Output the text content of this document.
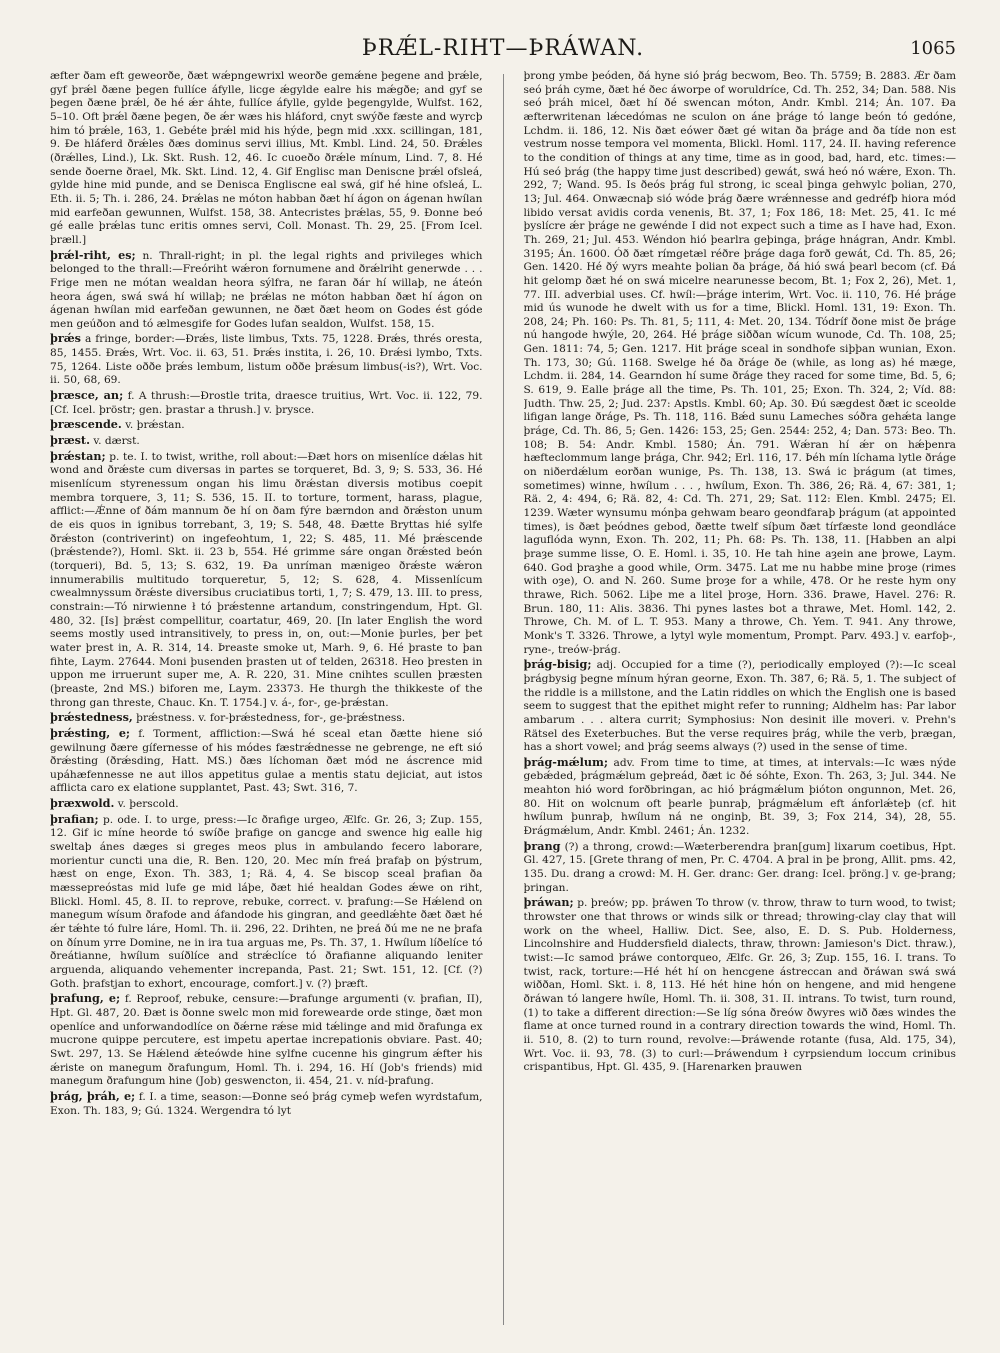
ÞRǼL-RIHT—ÞRÁWAN.	1065

æfter ðam eft geweorðe, ðæt wǽpngewrixl weorðe gemǽne þegene and þrǽle, gyf þrǽl ðæne þegen fullíce áfylle, licge ǽgylde ealre his mǽgðe; and gyf se þegen ðæne þrǽl, ðe hé ǽr áhte, fullíce áfylle, gylde þegengylde, Wulfst. 162, 5–10. Oft þrǽl ðæne þegen, ðe ǽr wæs his hláford, cnyt swýðe fæste and wyrcþ him tó þrǽle, 163, 1. Gebéte þrǽl mid his hýde, þegn mid .xxx. scillingan, 181, 9. Ðe hláferd ðrǽles ðæs dominus servi illius, Mt. Kmbl. Lind. 24, 50. Ðrǽles (ðrǽlles, Lind.), Lk. Skt. Rush. 12, 46. Ic cuoeðo ðrǽle mínum, Lind. 7, 8. Hé sende ðoerne ðrael, Mk. Skt. Lind. 12, 4. Gif Englisc man Deniscne þrǽl ofsleá, gylde hine mid punde, and se Denisca Engliscne eal swá, gif hé hine ofsleá, L. Eth. ii. 5; Th. i. 286, 24. Þrǽlas ne móton habban ðæt hí ágon on ágenan hwílan mid earfeðan gewunnen, Wulfst. 158, 38. Antecristes þrǽlas, 55, 9. Ðonne beó gé ealle þrǽlas tunc eritis omnes servi, Coll. Monast. Th. 29, 25. [From Icel. þræll.]

þrǽl-riht, es; n. Thrall-right; in pl. the legal rights and privileges which belonged to the thrall:—Freóriht wǽron fornumene and ðrǽlriht generwde . . . Frige men ne mótan wealdan heora sýlfra, ne faran ðár hí willaþ, ne áteón heora ágen, swá swá hí willaþ; ne þrǽlas ne móton habban ðæt hí ágon on ágenan hwílan mid earfeðan gewunnen, ne ðæt ðæt heom on Godes ést góde men geúðon and tó ælmesgife for Godes lufan sealdon, Wulfst. 158, 15.

þrǽs a fringe, border:—Ðrǽs, liste limbus, Txts. 75, 1228. Ðrǽs, thrés oresta, 85, 1455. Ðrǽs, Wrt. Voc. ii. 63, 51. Þrǽs instita, i. 26, 10. Ðrǽsi lymbo, Txts. 75, 1264. Liste oððe þrǽs lembum, listum oððe þrǽsum limbus(-is?), Wrt. Voc. ii. 50, 68, 69.

þræsce, an; f. A thrush:—Ðrostle trita, draesce truitius, Wrt. Voc. ii. 122, 79. [Cf. Icel. þröstr; gen. þrastar a thrush.] v. þrysce.

þræscende. v. þrǽstan.

þræst. v. dærst.

þrǽstan; p. te. I. to twist, writhe, roll about:—Ðæt hors on misenlíce dǽlas hit wond and ðrǽste cum diversas in partes se torqueret, Bd. 3, 9; S. 533, 36. Hé misenlícum styrenessum ongan his limu ðrǽstan diversis motibus coepit membra torquere, 3, 11; S. 536, 15. II. to torture, torment, harass, plague, afflict:—Ǽnne of ðám mannum ðe hí on ðam fýre bærndon and ðrǽston unum de eis quos in ignibus torrebant, 3, 19; S. 548, 48. Ðætte Bryttas hié sylfe ðrǽston (contriverint) on ingefeohtum, 1, 22; S. 485, 11. Mé þrǽscende (þrǽstende?), Homl. Skt. ii. 23 b, 554. Hé grimme sáre ongan ðrǽsted beón (torqueri), Bd. 5, 13; S. 632, 19. Ða unríman mænigeo ðrǽste wǽron innumerabilis multitudo torqueretur, 5, 12; S. 628, 4. Missenlícum cwealmnyssum ðrǽste diversibus cruciatibus torti, 1, 7; S. 479, 13. III. to press, constrain:—Tó nirwienne ł tó þrǽstenne artandum, constringendum, Hpt. Gl. 480, 32. [Is] þrǽst compellitur, coartatur, 469, 20. [In later English the word seems mostly used intransitively, to press in, on, out:—Monie þurles, þer þet water þrest in, A. R. 314, 14. Þreaste smoke ut, Marh. 9, 6. Hé þraste to þan fihte, Laym. 27644. Moni þusenden þrasten ut of telden, 26318. Heo þresten in uppon me irruerunt super me, A. R. 220, 31. Mine cnihtes scullen þræsten (þreaste, 2nd MS.) biforen me, Laym. 23373. He thurgh the thikkeste of the throng gan threste, Chauc. Kn. T. 1754.] v. á-, for-, ge-þrǽstan.

þrǽstedness, þrǽstness. v. for-þrǽstedness, for-, ge-þrǽstness.

þrǽsting, e; f. Torment, affliction:—Swá hé sceal etan ðætte hiene sió gewilnung ðære gífernesse of his módes fæstrǽdnesse ne gebrenge, ne eft sió ðrǽsting (ðrǽsding, Hatt. MS.) ðæs líchoman ðæt mód ne áscrence mid upáhæfennesse ne aut illos appetitus gulae a mentis statu dejiciat, aut istos afflicta caro ex elatione supplantet, Past. 43; Swt. 316, 7.

þræxwold. v. þerscold.

þrafian; p. ode. I. to urge, press:—Ic ðrafige urgeo, Ælfc. Gr. 26, 3; Zup. 155, 12. Gif ic míne heorde tó swíðe þrafige on gancge and swence hig ealle hig sweltaþ ánes dæges si greges meos plus in ambulando fecero laborare, morientur cuncti una die, R. Ben. 120, 20. Mec mín freá þrafaþ on þýstrum, hæst on enge, Exon. Th. 383, 1; Rä. 4, 4. Se biscop sceal þrafian ða mæssepreóstas mid lufe ge mid láþe, ðæt hié healdan Godes ǽwe on riht, Blickl. Homl. 45, 8. II. to reprove, rebuke, correct. v. þrafung:—Se Hǽlend on manegum wísum ðrafode and áfandode his gingran, and geedlǽhte ðæt ðæt hé ǽr tǽhte tó fulre láre, Homl. Th. ii. 296, 22. Drihten, ne þreá ðú me ne ne þrafa on ðínum yrre Domine, ne in ira tua arguas me, Ps. Th. 37, 1. Hwílum líðelíce tó ðreátianne, hwílum suíðlíce and strǽclíce tó ðrafianne aliquando leniter arguenda, aliquando vehementer increpanda, Past. 21; Swt. 151, 12. [Cf. (?) Goth. þrafstjan to exhort, encourage, comfort.] v. (?) þræft.

þrafung, e; f. Reproof, rebuke, censure:—Þrafunge argumenti (v. þrafian, II), Hpt. Gl. 487, 20. Ðæt is ðonne swelc mon mid forewearde orde stinge, ðæt mon openlíce and unforwandodlíce on ðǽrne rǽse mid tǽlinge and mid ðrafunga ex mucrone quippe percutere, est impetu apertae increpationis obviare. Past. 40; Swt. 297, 13. Se Hǽlend ǽteówde hine sylfne cucenne his gingrum ǽfter his ǽriste on manegum ðrafungum, Homl. Th. i. 294, 16. Hí (Job's friends) mid manegum ðrafungum hine (Job) geswencton, ii. 454, 21. v. níd-þrafung.

þrág, þráh, e; f. I. a time, season:—Ðonne seó þrág cymeþ wefen wyrdstafum, Exon. Th. 183, 9; Gú. 1324. Wergendra tó lyt

þrong ymbe þeóden, ðá hyne sió þrág becwom, Beo. Th. 5759; B. 2883. Ǽr ðam seó þráh cyme, ðæt hé ðec áworpe of woruldríce, Cd. Th. 252, 34; Dan. 588. Nis seó þráh micel, ðæt hí ðé swencan móton, Andr. Kmbl. 214; Án. 107. Ða æfterwritenan lǽcedómas ne sculon on áne þráge tó lange beón tó gedóne, Lchdm. ii. 186, 12. Nis ðæt eówer ðæt gé witan ða þráge and ða tíde non est vestrum nosse tempora vel momenta, Blickl. Homl. 117, 24. II. having reference to the condition of things at any time, time as in good, bad, hard, etc. times:—Hú seó þrág (the happy time just described) gewát, swá heó nó wǽre, Exon. Th. 292, 7; Wand. 95. Is ðeós þrág ful strong, ic sceal þinga gehwylc þolian, 270, 13; Jul. 464. Onwæcnaþ sió wóde þrág ðære wrǽnnesse and gedréfþ hiora mód libido versat avidis corda venenis, Bt. 37, 1; Fox 186, 18: Met. 25, 41. Ic mé þyslícre ǽr þráge ne gewénde I did not expect such a time as I have had, Exon. Th. 269, 21; Jul. 453. Wéndon hió þearlra geþinga, þráge hnágran, Andr. Kmbl. 3195; Án. 1600. Óð ðæt rímgetæl réðre þráge daga forð gewát, Cd. Th. 85, 26; Gen. 1420. Hé ðý wyrs meahte þolian ða þráge, ðá hió swá þearl becom (cf. Ðá hit gelomp ðæt hé on swá micelre nearunesse becom, Bt. 1; Fox 2, 26), Met. 1, 77. III. adverbial uses. Cf. hwíl:—þráge interim, Wrt. Voc. ii. 110, 76. Hé þráge mid ús wunode he dwelt with us for a time, Blickl. Homl. 131, 19: Exon. Th. 208, 24; Ph. 160: Ps. Th. 81, 5; 111, 4: Met. 20, 134. Tódríf ðone mist ðe þráge nú hangode hwýle, 20, 264. Hé þráge siððan wícum wunode, Cd. Th. 108, 25; Gen. 1811: 74, 5; Gen. 1217. Hit þráge sceal in sondhofe siþþan wunian, Exon. Th. 173, 30; Gú. 1168. Swelge hé ða ðráge ðe (while, as long as) hé mæge, Lchdm. ii. 284, 14. Gearndon hí sume ðráge they raced for some time, Bd. 5, 6; S. 619, 9. Ealle þráge all the time, Ps. Th. 101, 25; Exon. Th. 324, 2; Víd. 88: Judth. Thw. 25, 2; Jud. 237: Apstls. Kmbl. 60; Ap. 30. Ðú sægdest ðæt ic sceolde lifigan lange ðráge, Ps. Th. 118, 116. Bǽd sunu Lameches sóðra gehǽta lange þráge, Cd. Th. 86, 5; Gen. 1426: 153, 25; Gen. 2544: 252, 4; Dan. 573: Beo. Th. 108; B. 54: Andr. Kmbl. 1580; Án. 791. Wǽran hí ǽr on hǽþenra hæfteclommum lange þrága, Chr. 942; Erl. 116, 17. Þéh mín líchama lytle ðráge on niðerdǽlum eorðan wunige, Ps. Th. 138, 13. Swá ic þrágum (at times, sometimes) winne, hwílum . . . , hwílum, Exon. Th. 386, 26; Rä. 4, 67: 381, 1; Rä. 2, 4: 494, 6; Rä. 82, 4: Cd. Th. 271, 29; Sat. 112: Elen. Kmbl. 2475; El. 1239. Wæter wynsumu mónþa gehwam bearo geondfaraþ þrágum (at appointed times), is ðæt þeódnes gebod, ðætte twelf síþum ðæt tírfæste lond geondláce laguflóda wynn, Exon. Th. 202, 11; Ph. 68: Ps. Th. 138, 11. [Habben an alpi þraȝe summe lisse, O. E. Homl. i. 35, 10. He tah hine aȝein ane þrowe, Laym. 640. God þraȝhe a good while, Orm. 3475. Lat me nu habbe mine þroȝe (rimes with oȝe), O. and N. 260. Sume þroȝe for a while, 478. Or he reste hym ony thrawe, Rich. 5062. Liþe me a litel þroȝe, Horn. 336. Þrawe, Havel. 276: R. Brun. 180, 11: Alis. 3836. Thi pynes lastes bot a thrawe, Met. Homl. 142, 2. Throwe, Ch. M. of L. T. 953. Many a throwe, Ch. Yem. T. 941. Any throwe, Monk's T. 3326. Throwe, a lytyl wyle momentum, Prompt. Parv. 493.] v. earfoþ-, ryne-, treów-þrág.

þrág-bisig; adj. Occupied for a time (?), periodically employed (?):—Ic sceal þrágbysig þegne mínum hýran georne, Exon. Th. 387, 6; Rä. 5, 1. The subject of the riddle is a millstone, and the Latin riddles on which the English one is based seem to suggest that the epithet might refer to running; Aldhelm has: Par labor ambarum . . . altera currit; Symphosius: Non desinit ille moveri. v. Prehn's Rätsel des Exeterbuches. But the verse requires þrág, while the verb, þrægan, has a short vowel; and þrág seems always (?) used in the sense of time.

þrág-mǽlum; adv. From time to time, at times, at intervals:—Ic wæs nýde gebǽded, þrágmǽlum geþreád, ðæt ic ðé sóhte, Exon. Th. 263, 3; Jul. 344. Ne meahton hió word forðbringan, ac hió þrágmǽlum þióton ongunnon, Met. 26, 80. Hit on wolcnum oft þearle þunraþ, þrágmǽlum eft ánforlǽteþ (cf. hit hwílum þunraþ, hwílum ná ne onginþ, Bt. 39, 3; Fox 214, 34), 28, 55. Ðrágmǽlum, Andr. Kmbl. 2461; Án. 1232.

þrang (?) a throng, crowd:—Wæterberendra þran[gum] lixarum coetibus, Hpt. Gl. 427, 15. [Grete thrang of men, Pr. C. 4704. A þral in þe þrong, Allit. pms. 42, 135. Du. drang a crowd: M. H. Ger. dranc: Ger. drang: Icel. þröng.] v. ge-þrang; þringan.

þráwan; p. þreów; pp. þráwen To throw (v. throw, thraw to turn wood, to twist; throwster one that throws or winds silk or thread; throwing-clay clay that will work on the wheel, Halliw. Dict. See, also, E. D. S. Pub. Holderness, Lincolnshire and Huddersfield dialects, thraw, thrown: Jamieson's Dict. thraw.), twist:—Ic samod þráwe contorqueo, Ælfc. Gr. 26, 3; Zup. 155, 16. I. trans. To twist, rack, torture:—Hé hét hí on hencgene ástreccan and ðráwan swá swá wiððan, Homl. Skt. i. 8, 113. Hé hét hine hón on hengene, and mid hengene ðráwan tó langere hwíle, Homl. Th. ii. 308, 31. II. intrans. To twist, turn round, (1) to take a different direction:—Se líg sóna ðreów ðwyres wið ðæs windes the flame at once turned round in a contrary direction towards the wind, Homl. Th. ii. 510, 8. (2) to turn round, revolve:—Þráwende rotante (fusa, Ald. 175, 34), Wrt. Voc. ii. 93, 78. (3) to curl:—Þráwendum ł cyrpsiendum loccum crinibus crispantibus, Hpt. Gl. 435, 9. [Harenarken þrauwen
